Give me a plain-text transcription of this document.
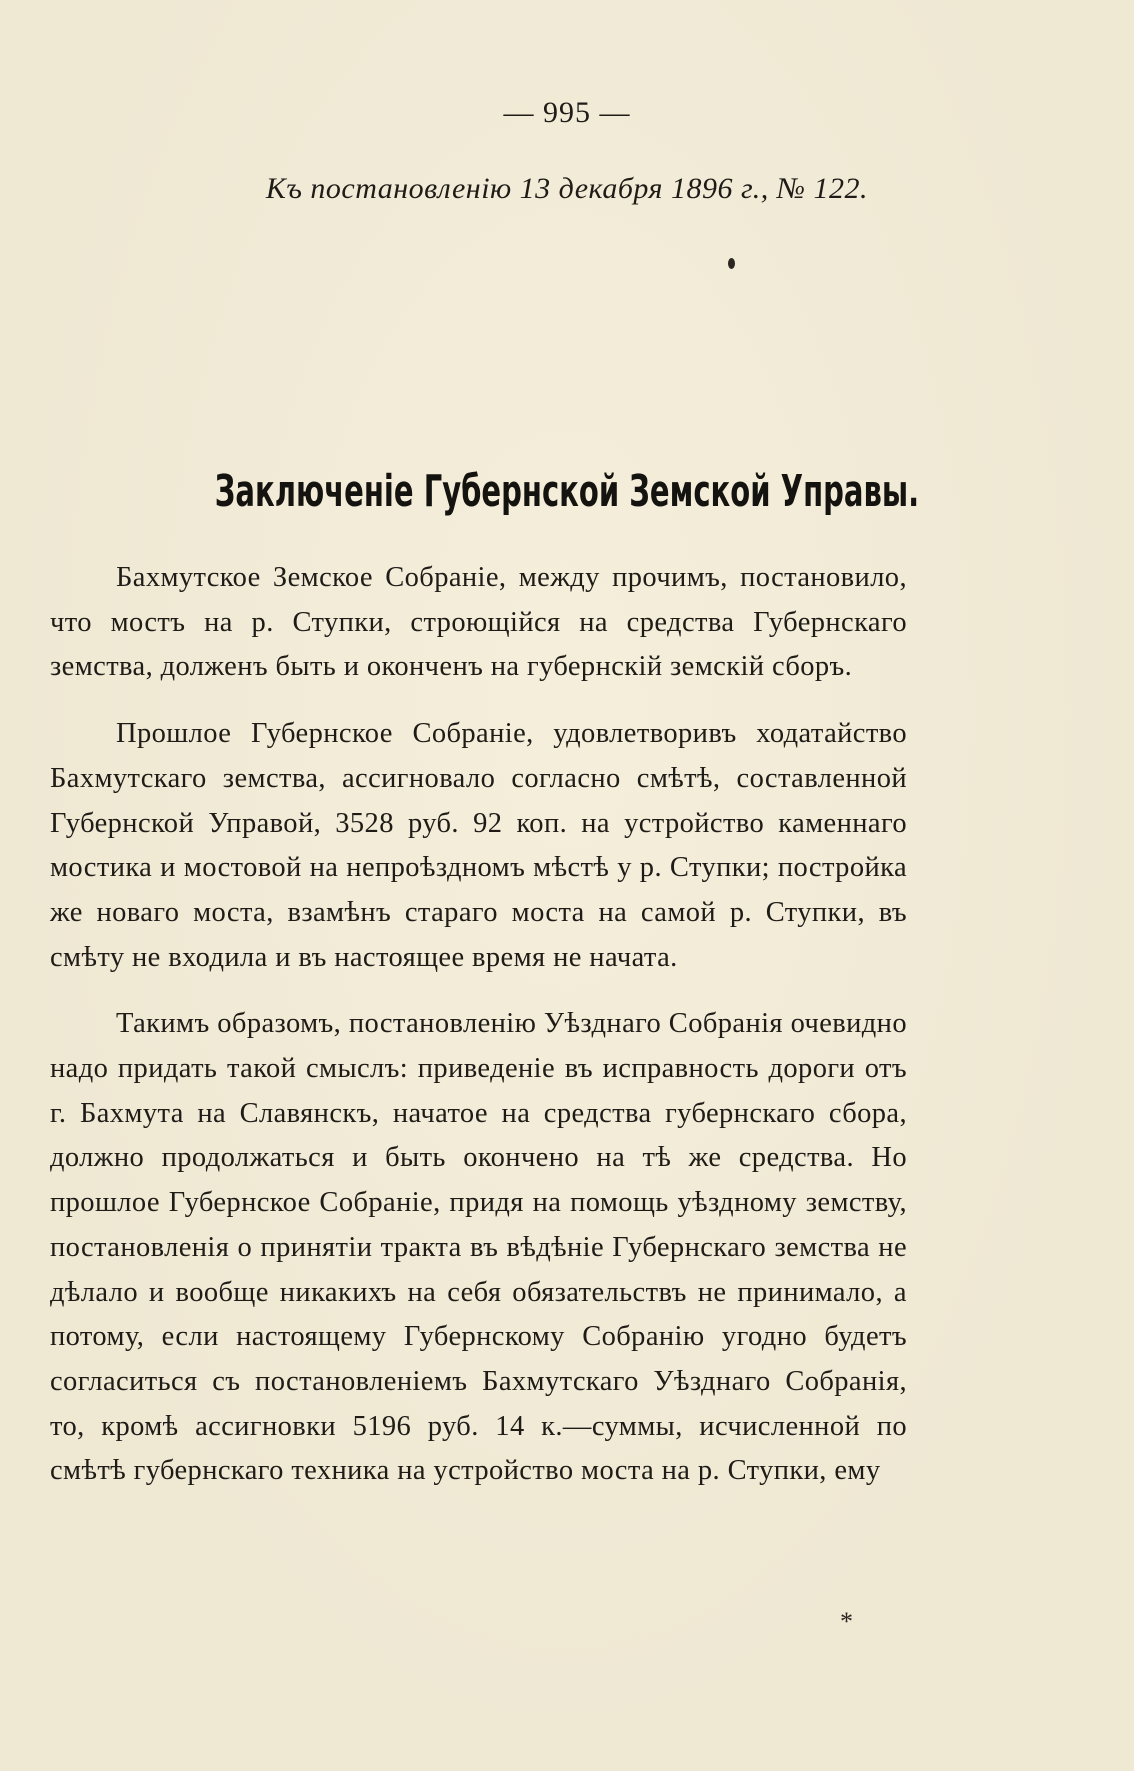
— 995 —
Къ постановленію 13 декабря 1896 г., № 122.
Заключеніе Губернской Земской Управы.

Бахмутское Земское Собраніе, между прочимъ, постановило, что мостъ на р. Ступки, строющійся на средства Губернскаго земства, долженъ быть и оконченъ на губернскій земскій сборъ.

Прошлое Губернское Собраніе, удовлетворивъ ходатайство Бахмутскаго земства, ассигновало согласно смѣтѣ, составленной Губернской Управой, 3528 руб. 92 коп. на устройство каменнаго мостика и мостовой на непроѣздномъ мѣстѣ у р. Ступки; постройка же новаго моста, взамѣнъ стараго моста на самой р. Ступки, въ смѣту не входила и въ настоящее время не начата.

Такимъ образомъ, постановленію Уѣзднаго Собранія очевидно надо придать такой смыслъ: приведеніе въ исправность дороги отъ г. Бахмута на Славянскъ, начатое на средства губернскаго сбора, должно продолжаться и быть окончено на тѣ же средства. Но прошлое Губернское Собраніе, придя на помощь уѣздному земству, постановленія о принятіи тракта въ вѣдѣніе Губернскаго земства не дѣлало и вообще никакихъ на себя обязательствъ не принимало, а потому, если настоящему Губернскому Собранію угодно будетъ согласиться съ постановленіемъ Бахмутскаго Уѣзднаго Собранія, то, кромѣ ассигновки 5196 руб. 14 к.—суммы, исчисленной по смѣтѣ губернскаго техника на устройство моста на р. Ступки, ему

*
